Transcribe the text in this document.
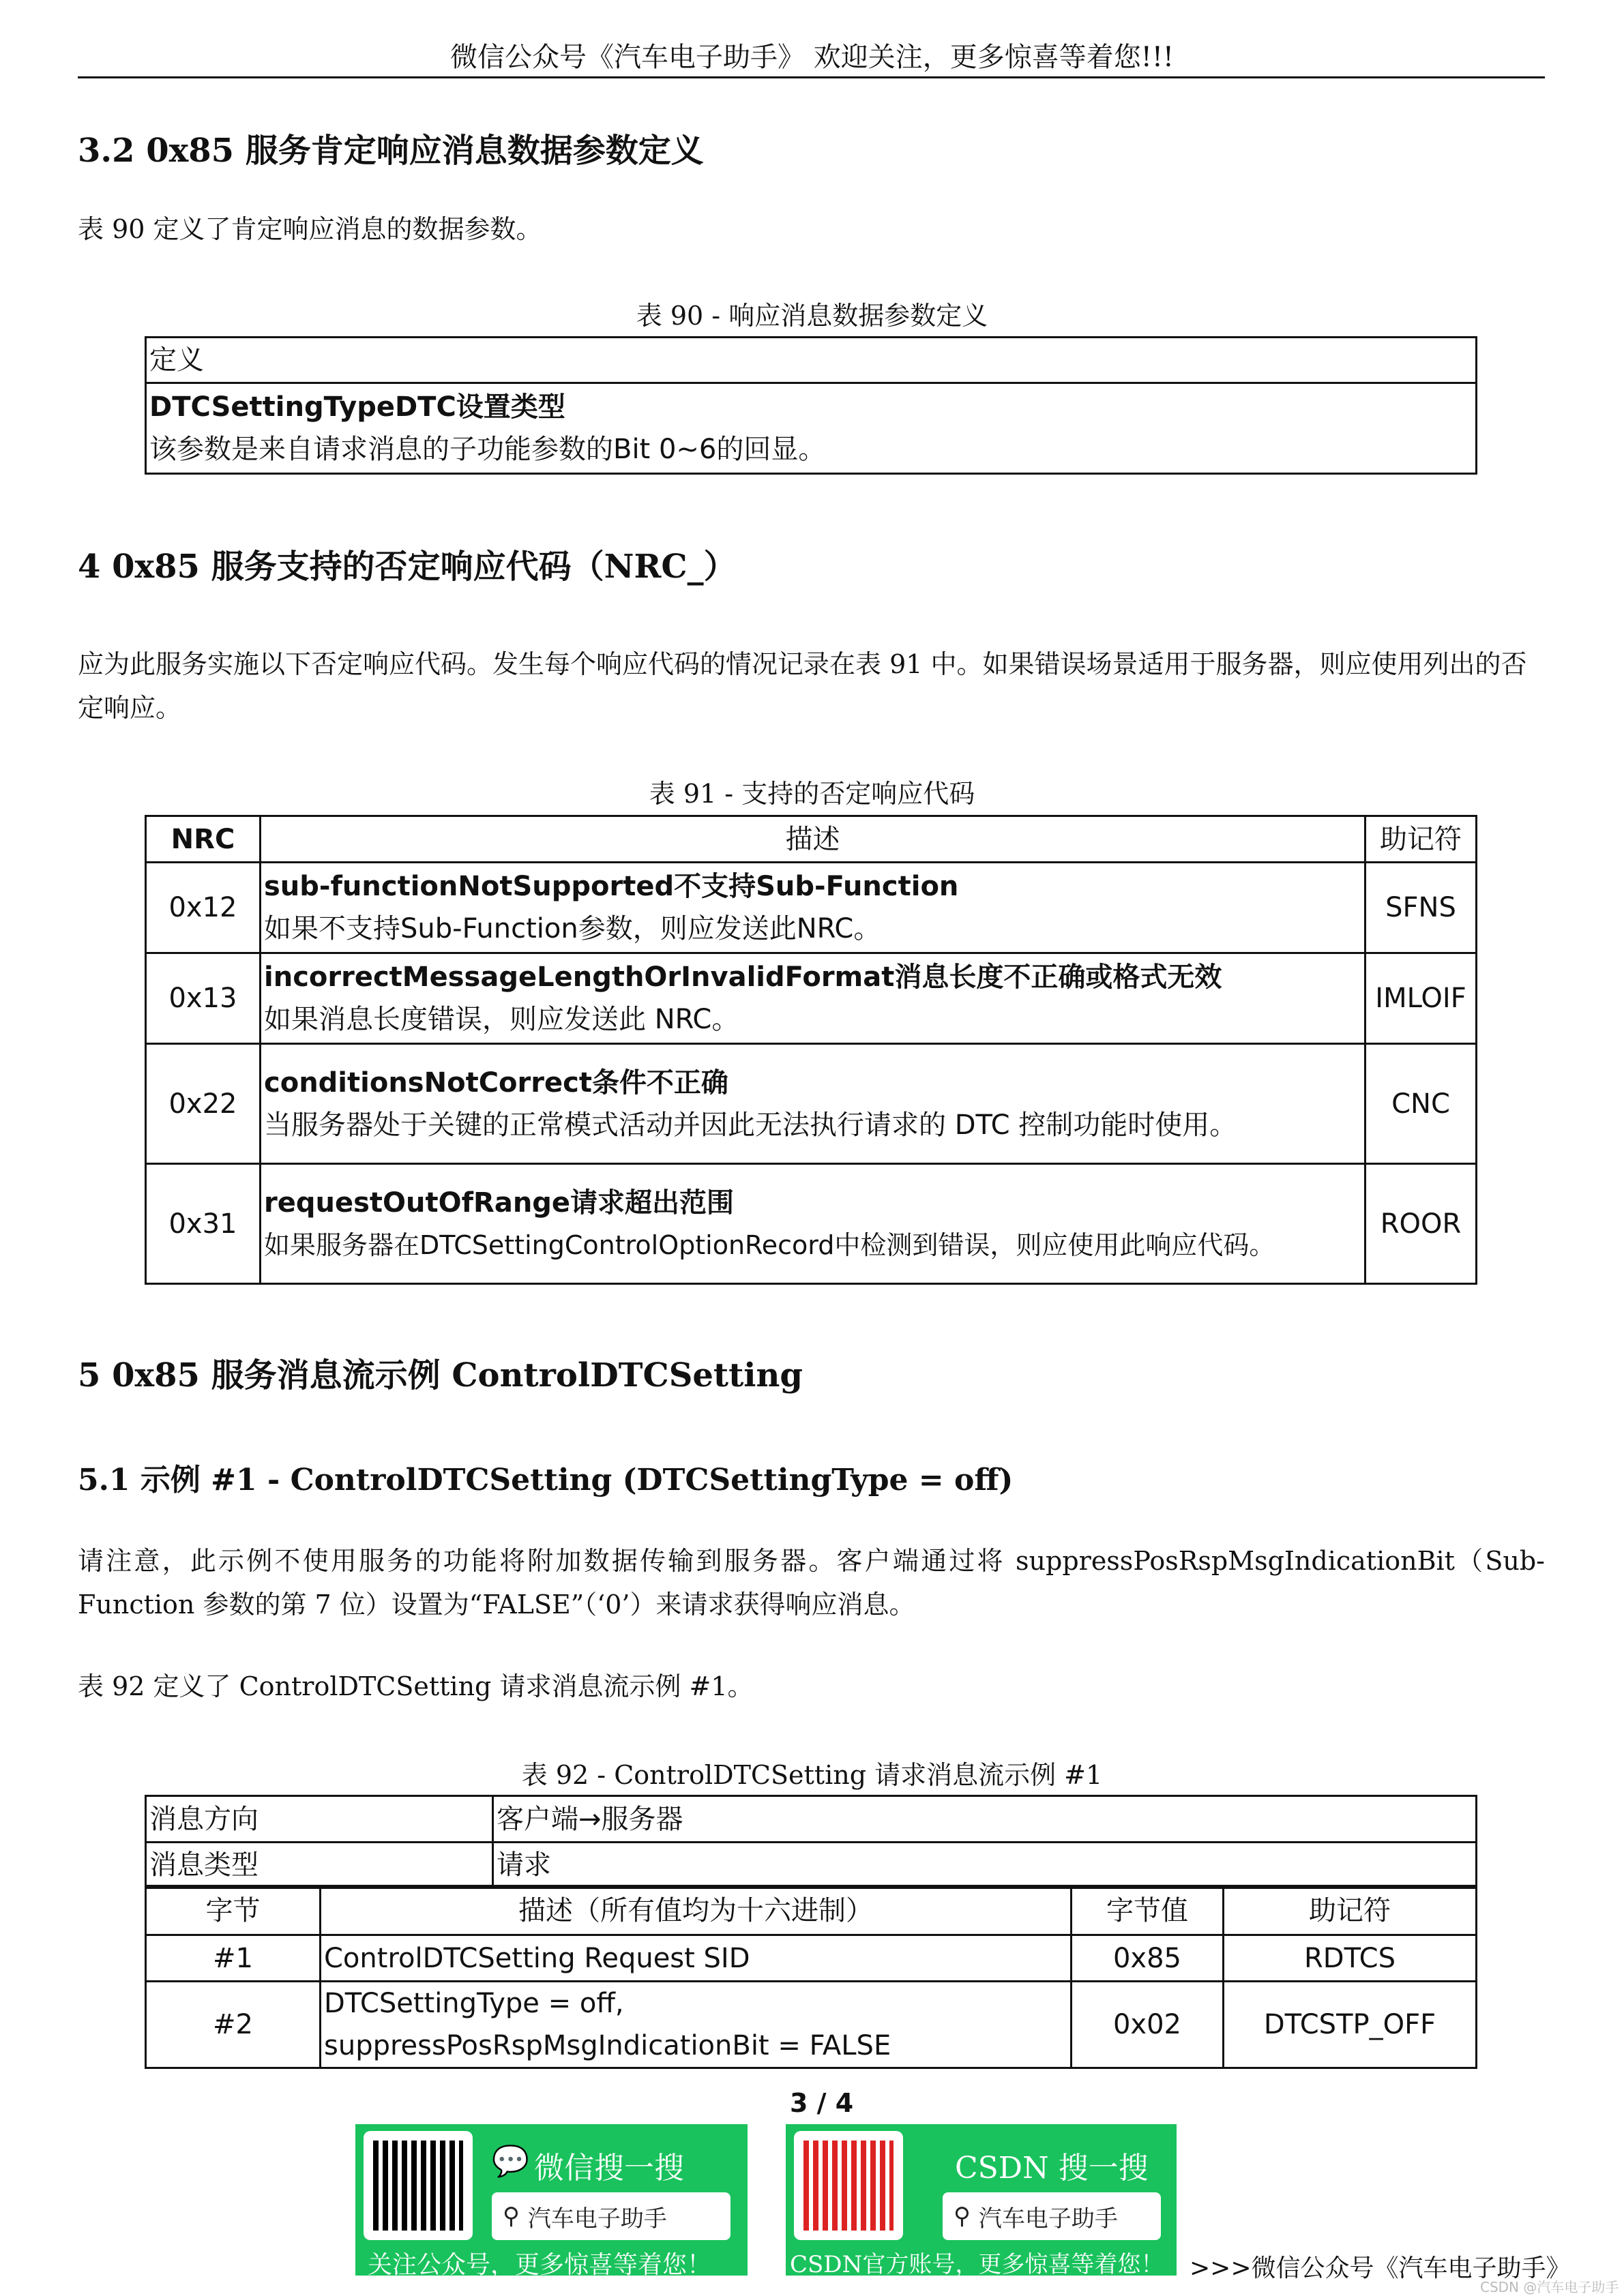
微信公众号《汽车电子助手》 欢迎关注，更多惊喜等着您!!!
3.2 0x85 服务肯定响应消息数据参数定义
表 90 定义了肯定响应消息的数据参数。
表 90 - 响应消息数据参数定义
定义

DTCSettingTypeDTC设置类型
该参数是来自请求消息的子功能参数的Bit 0~6的回显。
4 0x85 服务支持的否定响应代码（NRC_）
应为此服务实施以下否定响应代码。发生每个响应代码的情况记录在表 91 中。如果错误场景适用于服务器，则应使用列出的否定响应。
表 91 - 支持的否定响应代码
NRC	描述	助记符
0x12	sub-functionNotSupported不支持Sub-Function
如果不支持Sub-Function参数，则应发送此NRC。	SFNS
0x13	incorrectMessageLengthOrInvalidFormat消息长度不正确或格式无效
如果消息长度错误，则应发送此 NRC。	IMLOIF
0x22	conditionsNotCorrect条件不正确
当服务器处于关键的正常模式活动并因此无法执行请求的 DTC 控制功能时使用。	CNC
0x31	requestOutOfRange请求超出范围
如果服务器在DTCSettingControlOptionRecord中检测到错误，则应使用此响应代码。	ROOR
5 0x85 服务消息流示例 ControlDTCSetting
5.1 示例 #1 - ControlDTCSetting (DTCSettingType = off)
请注意，此示例不使用服务的功能将附加数据传输到服务器。客户端通过将 suppressPosRspMsgIndicationBit（Sub-Function 参数的第 7 位）设置为“FALSE”（‘0’）来请求获得响应消息。
表 92 定义了 ControlDTCSetting 请求消息流示例 #1。
表 92 - ControlDTCSetting 请求消息流示例 #1
消息方向	客户端→服务器
消息类型	请求
字节	描述（所有值均为十六进制）	字节值	助记符
#1	ControlDTCSetting Request SID	0x85	RDTCS
#2	DTCSettingType = off,
suppressPosRspMsgIndicationBit = FALSE	0x02	DTCSTP_OFF
3 / 4
💬 微信搜一搜
⚲ 汽车电子助手
关注公众号，更多惊喜等着您！
CSDN 搜一搜
⚲ 汽车电子助手
CSDN官方账号，更多惊喜等着您！ >>>微信公众号《汽车电子助手》
CSDN @汽车电子助手
